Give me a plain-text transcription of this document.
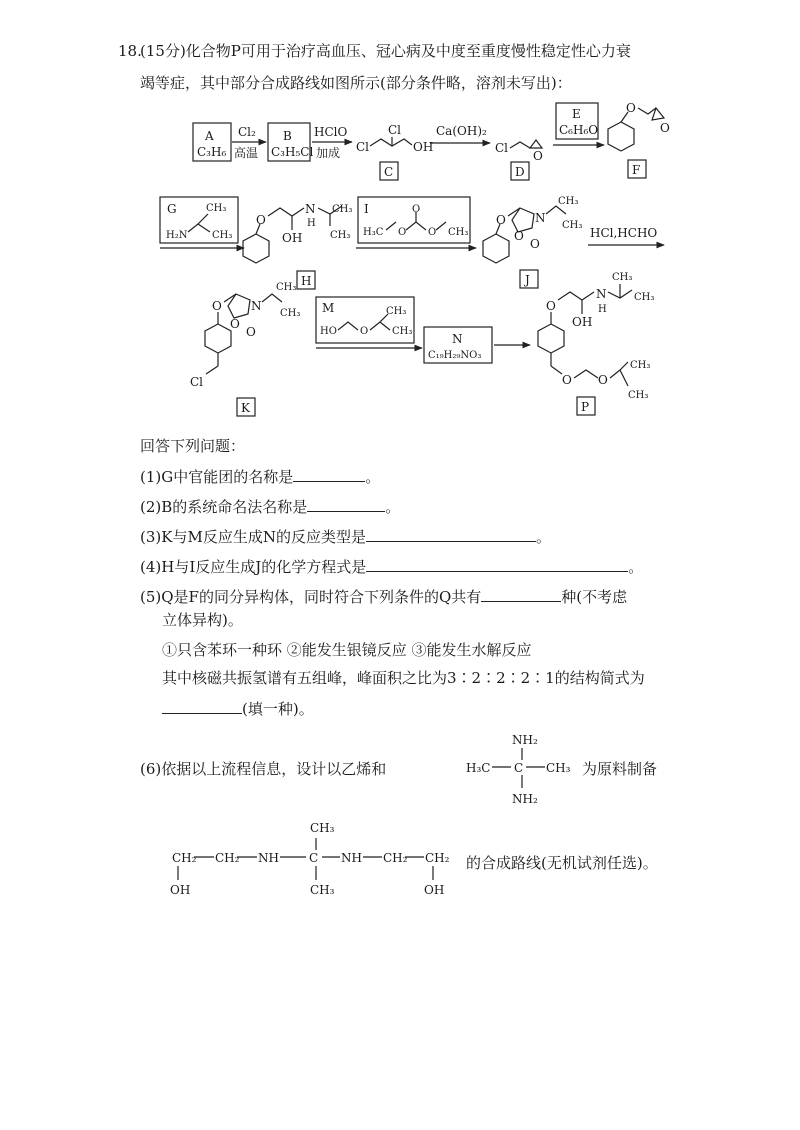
18.
(15分)化合物P可用于治疗高血压、冠心病及中度至重度慢性稳定性心力衰
竭等症，其中部分合成路线如图所示(部分条件略，溶剂未写出)：
A
C₃H₆
Cl₂
高温
B
C₃H₅Cl
HClO
加成
Cl
Cl	OH
C
Ca(OH)₂
Cl
O
D
E
C₆H₆O
O
O
F
G	CH₃
H₂N CH₃
O
OH
N
H
CH₃
CH₃
H
I
H₃C O
O
O CH₃
O
O
N
O
CH₃
CH₃
J
HCl,HCHO
O
O
N
O
CH₃
CH₃
Cl
K
M	CH₃
HO O CH₃
N
C₁₉H₂₉NO₃
O
OH
N
H
CH₃
CH₃
O O
CH₃
CH₃
P
NH₂
H₃C C CH₃
NH₂
CH₂ CH₂ NH
CH₃
C NH CH₂ CH₂
OH	CH₃	OH
回答下列问题：
(1)G中官能团的名称是	。
(2)B的系统命名法名称是	。
(3)K与M反应生成N的反应类型是	。
(4)H与I反应生成J的化学方程式是	。
(5)Q是F的同分异构体，同时符合下列条件的Q共有	种(不考虑
立体异构)。
①只含苯环一种环 ②能发生银镜反应 ③能发生水解反应
其中核磁共振氢谱有五组峰，峰面积之比为3∶2∶2∶2∶1的结构简式为
(填一种)。
(6)依据以上流程信息，设计以乙烯和	为原料制备
的合成路线(无机试剂任选)。
